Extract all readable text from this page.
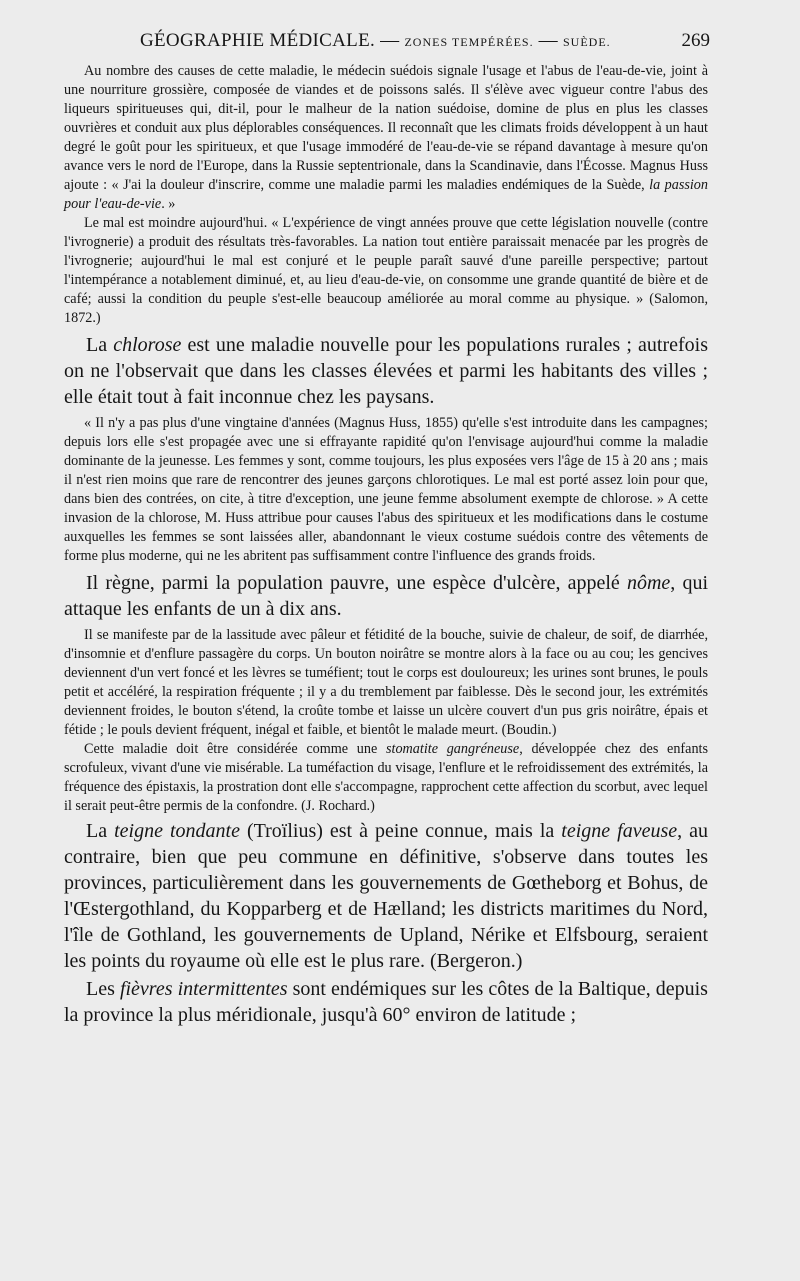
GÉOGRAPHIE MÉDICALE. — ZONES TEMPÉRÉES. — SUÈDE.	269

Au nombre des causes de cette maladie, le médecin suédois signale l'usage et l'abus de l'eau-de-vie, joint à une nourriture grossière, composée de viandes et de poissons salés. Il s'élève avec vigueur contre l'abus des liqueurs spiritueuses qui, dit-il, pour le malheur de la nation suédoise, domine de plus en plus les classes ouvrières et conduit aux plus déplorables conséquences. Il reconnaît que les climats froids développent à un haut degré le goût pour les spiritueux, et que l'usage immodéré de l'eau-de-vie se répand davantage à mesure qu'on avance vers le nord de l'Europe, dans la Russie septentrionale, dans la Scandinavie, dans l'Écosse. Magnus Huss ajoute : « J'ai la douleur d'inscrire, comme une maladie parmi les maladies endémiques de la Suède, la passion pour l'eau-de-vie. »

Le mal est moindre aujourd'hui. « L'expérience de vingt années prouve que cette législation nouvelle (contre l'ivrognerie) a produit des résultats très-favorables. La nation tout entière paraissait menacée par les progrès de l'ivrognerie; aujourd'hui le mal est conjuré et le peuple paraît sauvé d'une pareille perspective; partout l'intempérance a notablement diminué, et, au lieu d'eau-de-vie, on consomme une grande quantité de bière et de café; aussi la condition du peuple s'est-elle beaucoup améliorée au moral comme au physique. » (Salomon, 1872.)

La chlorose est une maladie nouvelle pour les populations rurales ; autrefois on ne l'observait que dans les classes élevées et parmi les habitants des villes ; elle était tout à fait inconnue chez les paysans.

« Il n'y a pas plus d'une vingtaine d'années (Magnus Huss, 1855) qu'elle s'est introduite dans les campagnes; depuis lors elle s'est propagée avec une si effrayante rapidité qu'on l'envisage aujourd'hui comme la maladie dominante de la jeunesse. Les femmes y sont, comme toujours, les plus exposées vers l'âge de 15 à 20 ans ; mais il n'est rien moins que rare de rencontrer des jeunes garçons chlorotiques. Le mal est porté assez loin pour que, dans bien des contrées, on cite, à titre d'exception, une jeune femme absolument exempte de chlorose. » A cette invasion de la chlorose, M. Huss attribue pour causes l'abus des spiritueux et les modifications dans le costume auxquelles les femmes se sont laissées aller, abandonnant le vieux costume suédois contre des vêtements de forme plus moderne, qui ne les abritent pas suffisamment contre l'influence des grands froids.

Il règne, parmi la population pauvre, une espèce d'ulcère, appelé nôme, qui attaque les enfants de un à dix ans.

Il se manifeste par de la lassitude avec pâleur et fétidité de la bouche, suivie de chaleur, de soif, de diarrhée, d'insomnie et d'enflure passagère du corps. Un bouton noirâtre se montre alors à la face ou au cou; les gencives deviennent d'un vert foncé et les lèvres se tuméfient; tout le corps est douloureux; les urines sont brunes, le pouls petit et accéléré, la respiration fréquente ; il y a du tremblement par faiblesse. Dès le second jour, les extrémités deviennent froides, le bouton s'étend, la croûte tombe et laisse un ulcère couvert d'un pus gris noirâtre, épais et fétide ; le pouls devient fréquent, inégal et faible, et bientôt le malade meurt. (Boudin.)

Cette maladie doit être considérée comme une stomatite gangréneuse, développée chez des enfants scrofuleux, vivant d'une vie misérable. La tuméfaction du visage, l'enflure et le refroidissement des extrémités, la fréquence des épistaxis, la prostration dont elle s'accompagne, rapprochent cette affection du scorbut, avec lequel il serait peut-être permis de la confondre. (J. Rochard.)

La teigne tondante (Troïlius) est à peine connue, mais la teigne faveuse, au contraire, bien que peu commune en définitive, s'observe dans toutes les provinces, particulièrement dans les gouvernements de Gœtheborg et Bohus, de l'Œstergothland, du Kopparberg et de Hælland; les districts maritimes du Nord, l'île de Gothland, les gouvernements de Upland, Nérike et Elfsbourg, seraient les points du royaume où elle est le plus rare. (Bergeron.)

Les fièvres intermittentes sont endémiques sur les côtes de la Baltique, depuis la province la plus méridionale, jusqu'à 60° environ de latitude ;
